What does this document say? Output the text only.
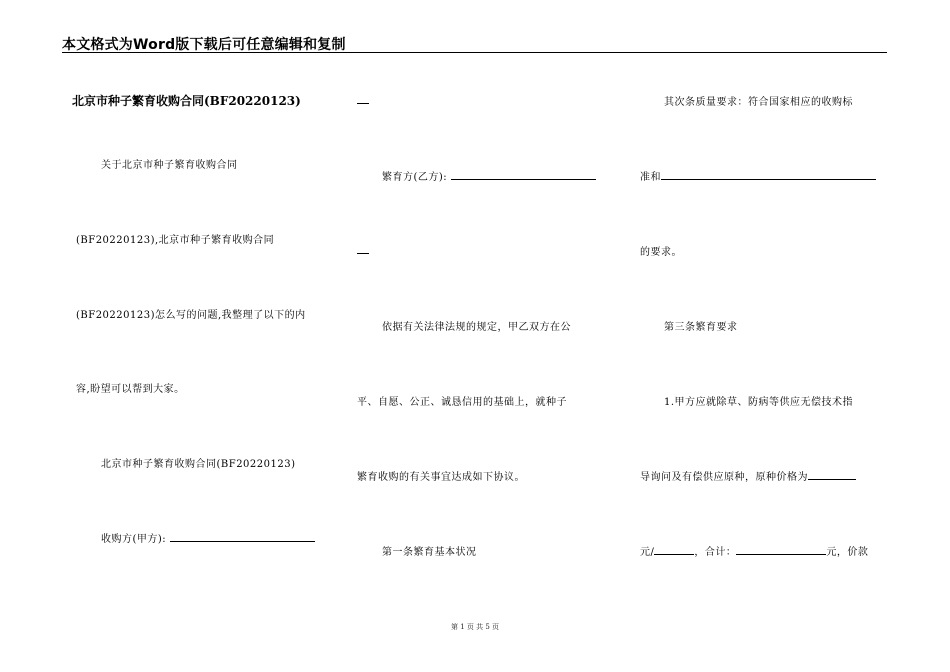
本文格式为Word版下载后可任意编辑和复制
北京市种子繁育收购合同(BF20220123)
关于北京市种子繁育收购合同
(BF20220123),北京市种子繁育收购合同
(BF20220123)怎么写的问题,我整理了以下的内
容,盼望可以帮到大家。
北京市种子繁育收购合同(BF20220123)
收购方(甲方):
繁育方(乙方):
依据有关法律法规的规定，甲乙双方在公
平、自愿、公正、诚恳信用的基础上，就种子
繁育收购的有关事宜达成如下协议。
第一条繁育基本状况
其次条质量要求：符合国家相应的收购标
准和
的要求。
第三条繁育要求
1.甲方应就除草、防病等供应无偿技术指
导询问及有偿供应原种，原种价格为
元/	，合计：	元，价款
第 1 页 共 5 页
